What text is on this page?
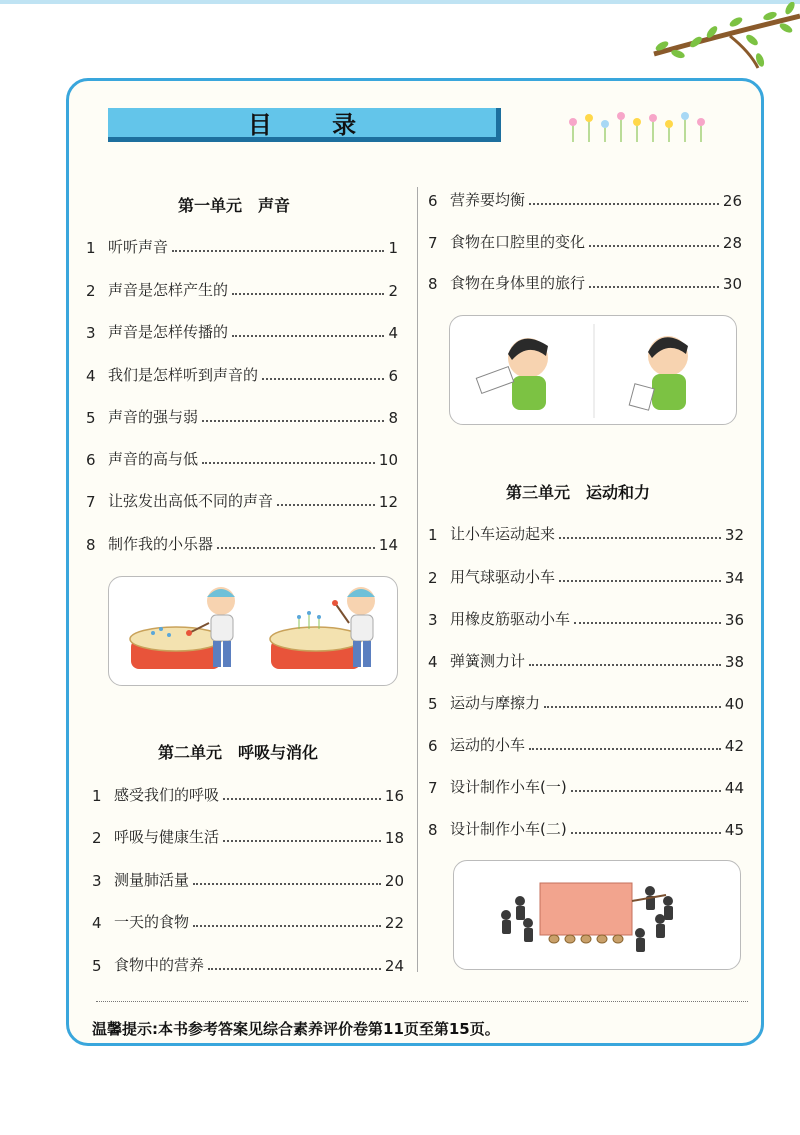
目 录
第一单元　声音
1 听听声音	1
2 声音是怎样产生的	2
3 声音是怎样传播的	4
4 我们是怎样听到声音的	6
5 声音的强与弱	8
6 声音的高与低	10
7 让弦发出高低不同的声音	12
8 制作我的小乐器	14
第二单元　呼吸与消化
1 感受我们的呼吸	16
2 呼吸与健康生活	18
3 测量肺活量	20
4 一天的食物	22
5 食物中的营养	24
6 营养要均衡	26
7 食物在口腔里的变化	28
8 食物在身体里的旅行	30
第三单元　运动和力
1 让小车运动起来	32
2 用气球驱动小车	34
3 用橡皮筋驱动小车	36
4 弹簧测力计	38
5 运动与摩擦力	40
6 运动的小车	42
7 设计制作小车(一)	44
8 设计制作小车(二)	45
温馨提示:本书参考答案见综合素养评价卷第11页至第15页。
